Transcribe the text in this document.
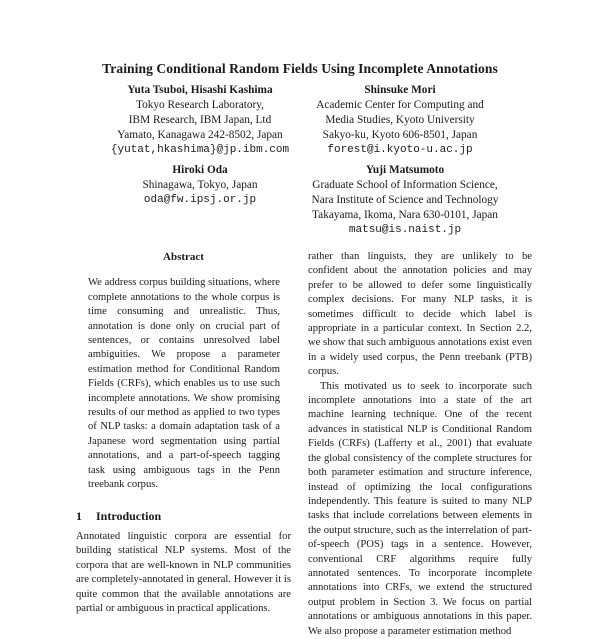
Training Conditional Random Fields Using Incomplete Annotations
Yuta Tsuboi, Hisashi Kashima
Tokyo Research Laboratory,
IBM Research, IBM Japan, Ltd
Yamato, Kanagawa 242-8502, Japan
{yutat,hkashima}@jp.ibm.com
Shinsuke Mori
Academic Center for Computing and
Media Studies, Kyoto University
Sakyo-ku, Kyoto 606-8501, Japan
forest@i.kyoto-u.ac.jp
Hiroki Oda
Shinagawa, Tokyo, Japan
oda@fw.ipsj.or.jp
Yuji Matsumoto
Graduate School of Information Science,
Nara Institute of Science and Technology
Takayama, Ikoma, Nara 630-0101, Japan
matsu@is.naist.jp
Abstract

We address corpus building situations, where complete annotations to the whole corpus is time consuming and unrealistic. Thus, annotation is done only on crucial part of sentences, or contains unresolved label ambiguities. We propose a parameter estimation method for Conditional Random Fields (CRFs), which enables us to use such incomplete annotations. We show promising results of our method as applied to two types of NLP tasks: a domain adaptation task of a Japanese word segmentation using partial annotations, and a part-of-speech tagging task using ambiguous tags in the Penn treebank corpus.

1 Introduction

Annotated linguistic corpora are essential for building statistical NLP systems. Most of the corpora that are well-known in NLP communities are completely-annotated in general. However it is quite common that the available annotations are partial or ambiguous in practical applications.

rather than linguists, they are unlikely to be confident about the annotation policies and may prefer to be allowed to defer some linguistically complex decisions. For many NLP tasks, it is sometimes difficult to decide which label is appropriate in a particular context. In Section 2.2, we show that such ambiguous annotations exist even in a widely used corpus, the Penn treebank (PTB) corpus.

This motivated us to seek to incorporate such incomplete annotations into a state of the art machine learning technique. One of the recent advances in statistical NLP is Conditional Random Fields (CRFs) (Lafferty et al., 2001) that evaluate the global consistency of the complete structures for both parameter estimation and structure inference, instead of optimizing the local configurations independently. This feature is suited to many NLP tasks that include correlations between elements in the output structure, such as the interrelation of part-of-speech (POS) tags in a sentence. However, conventional CRF algorithms require fully annotated sentences. To incorporate incomplete annotations into CRFs, we extend the structured output problem in Section 3. We focus on partial annotations or ambiguous annotations in this paper. We also propose a parameter estimation method
